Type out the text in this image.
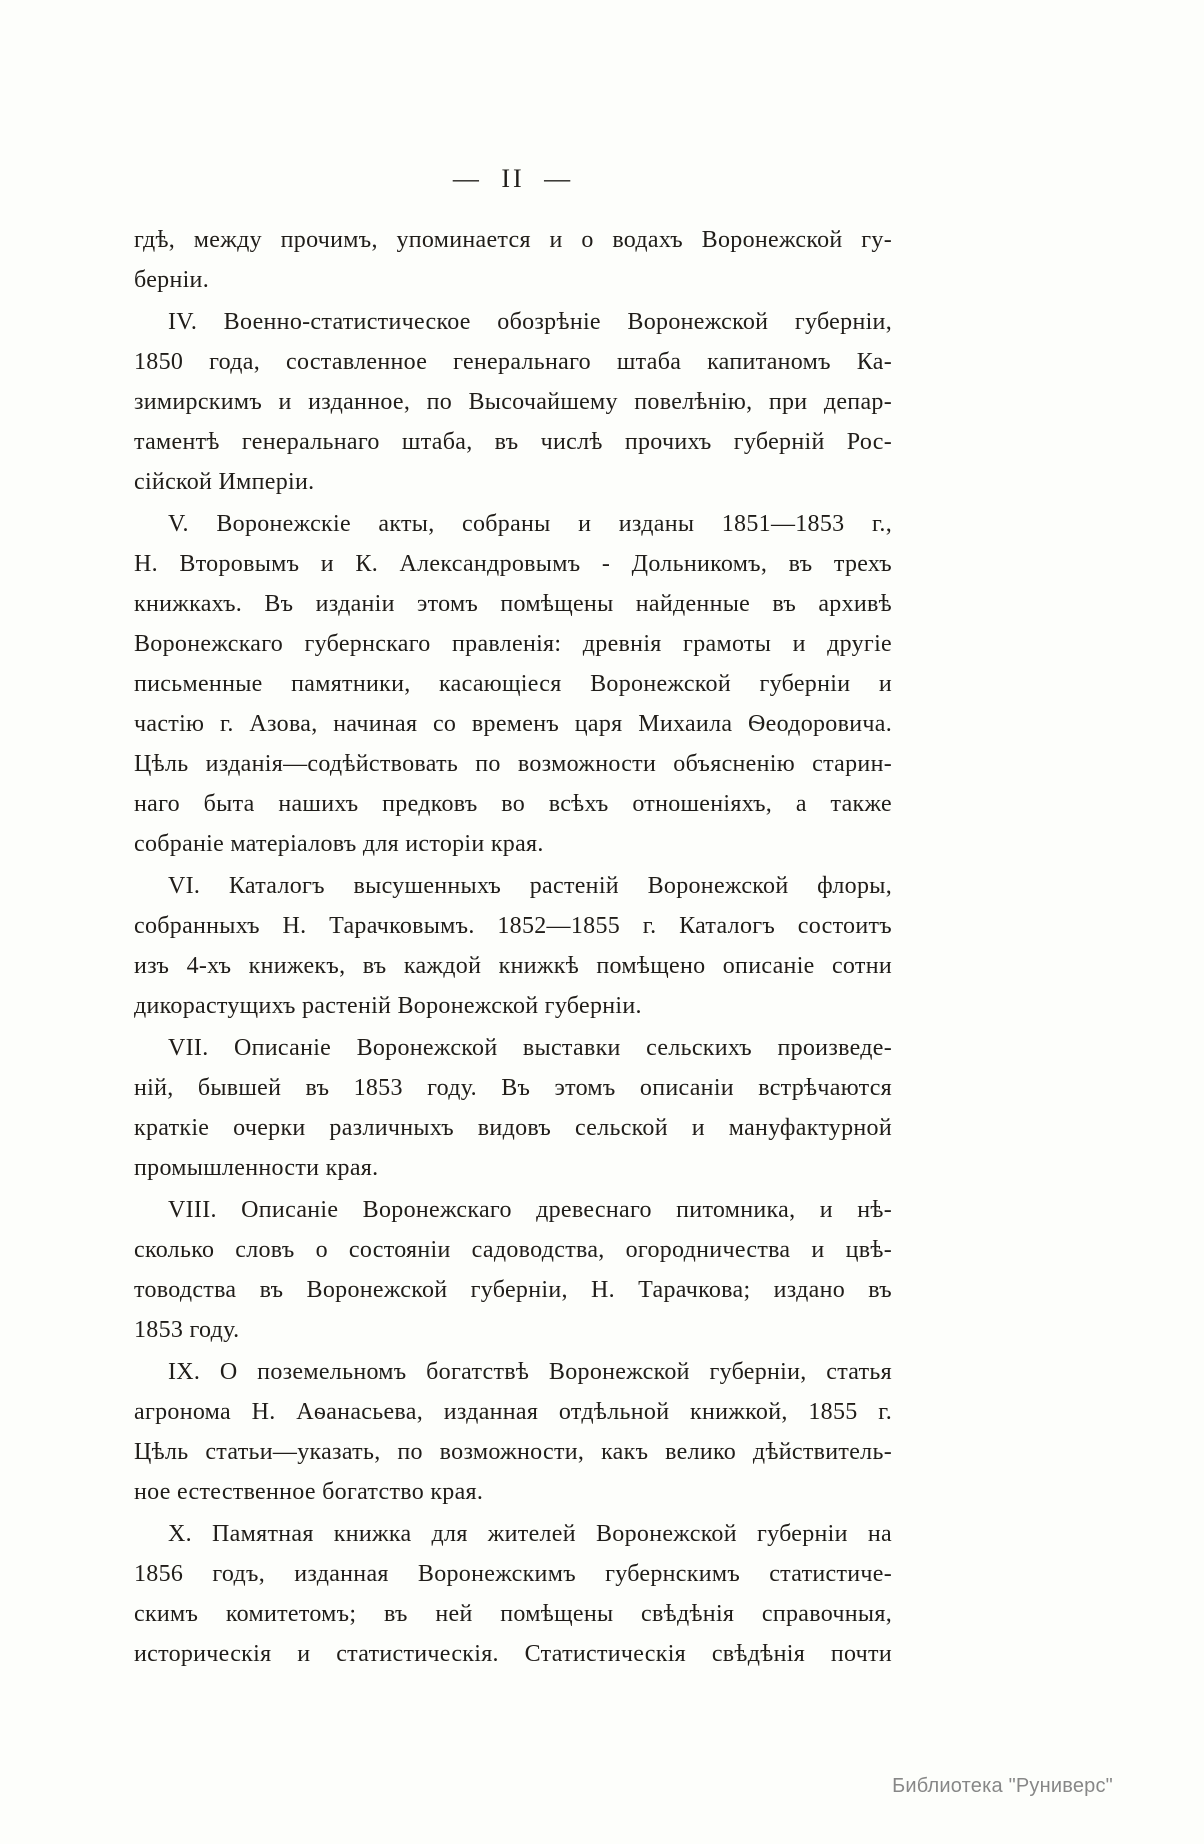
— II —
гдѣ, между прочимъ, упоминается и о водахъ Воронежской гу-
берніи.
IV. Военно-статистическое обозрѣніе Воронежской губерніи,
1850 года, составленное генеральнаго штаба капитаномъ Ка-
зимирскимъ и изданное, по Высочайшему повелѣнію, при депар-
таментѣ генеральнаго штаба, въ числѣ прочихъ губерній Рос-
сійской Имперіи.
V. Воронежскіе акты, собраны и изданы 1851—1853 г.,
Н. Второвымъ и К. Александровымъ - Дольникомъ, въ трехъ
книжкахъ. Въ изданіи этомъ помѣщены найденные въ архивѣ
Воронежскаго губернскаго правленія: древнія грамоты и другіе
письменные памятники, касающіеся Воронежской губерніи и
частію г. Азова, начиная со временъ царя Михаила Ѳеодоровича.
Цѣль изданія—содѣйствовать по возможности объясненію старин-
наго быта нашихъ предковъ во всѣхъ отношеніяхъ, а также
собраніе матеріаловъ для исторіи края.
VI. Каталогъ высушенныхъ растеній Воронежской флоры,
собранныхъ Н. Тарачковымъ. 1852—1855 г. Каталогъ состоитъ
изъ 4-хъ книжекъ, въ каждой книжкѣ помѣщено описаніе сотни
дикорастущихъ растеній Воронежской губерніи.
VII. Описаніе Воронежской выставки сельскихъ произведе-
ній, бывшей въ 1853 году. Въ этомъ описаніи встрѣчаются
краткіе очерки различныхъ видовъ сельской и мануфактурной
промышленности края.
VIII. Описаніе Воронежскаго древеснаго питомника, и нѣ-
сколько словъ о состояніи садоводства, огородничества и цвѣ-
товодства въ Воронежской губерніи, Н. Тарачкова; издано въ
1853 году.
IX. О поземельномъ богатствѣ Воронежской губерніи, статья
агронома Н. Аѳанасьева, изданная отдѣльной книжкой, 1855 г.
Цѣль статьи—указать, по возможности, какъ велико дѣйствитель-
ное естественное богатство края.
X. Памятная книжка для жителей Воронежской губерніи на
1856 годъ, изданная Воронежскимъ губернскимъ статистиче-
скимъ комитетомъ; въ ней помѣщены свѣдѣнія справочныя,
историческія и статистическія. Статистическія свѣдѣнія почти
Библиотека "Руниверс"
